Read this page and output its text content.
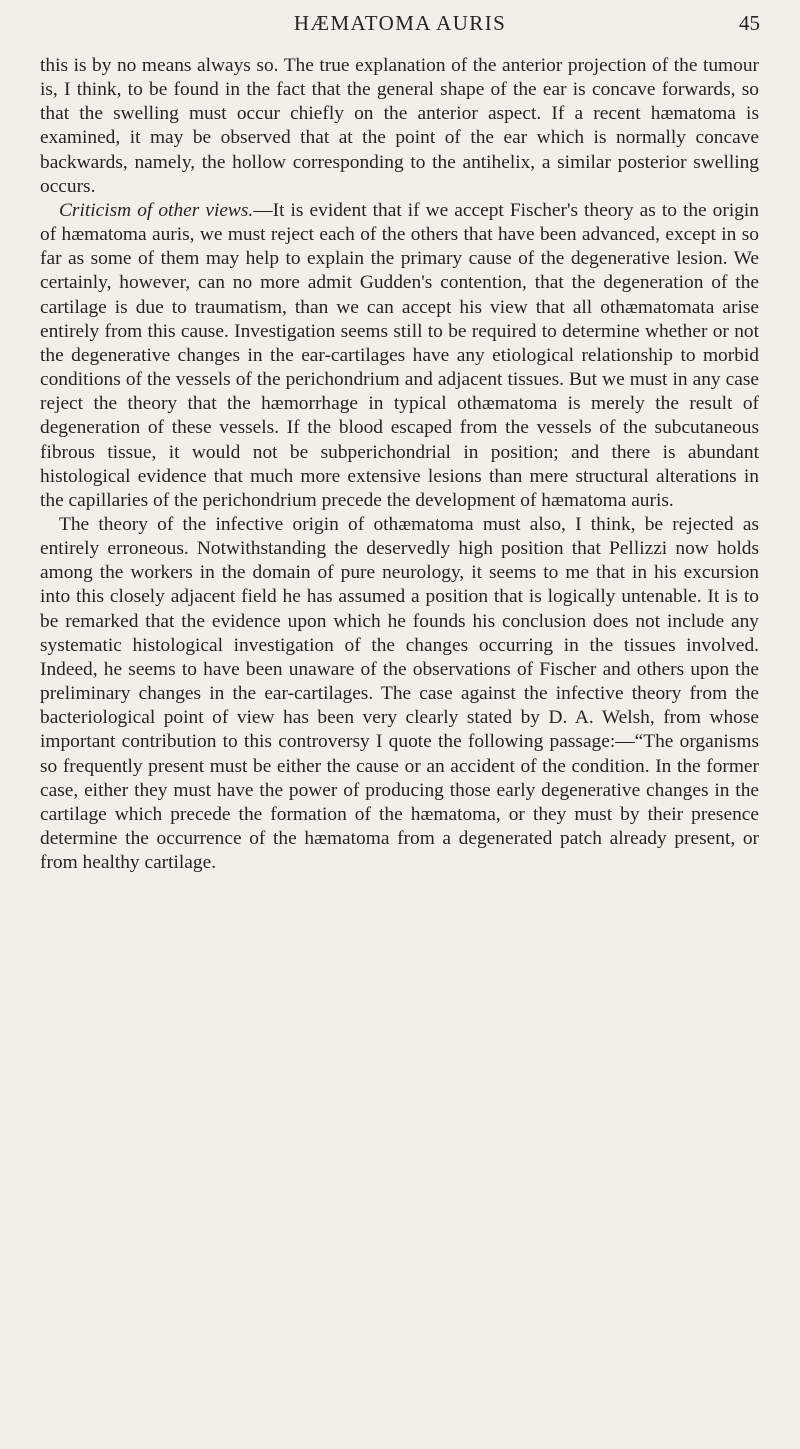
HÆMATOMA AURIS	45

this is by no means always so. The true explanation of the anterior projection of the tumour is, I think, to be found in the fact that the general shape of the ear is concave forwards, so that the swelling must occur chiefly on the anterior aspect. If a recent hæmatoma is examined, it may be observed that at the point of the ear which is normally concave backwards, namely, the hollow corresponding to the antihelix, a similar posterior swelling occurs.

Criticism of other views.—It is evident that if we accept Fischer's theory as to the origin of hæmatoma auris, we must reject each of the others that have been advanced, except in so far as some of them may help to explain the primary cause of the degenerative lesion. We certainly, however, can no more admit Gudden's contention, that the degeneration of the cartilage is due to traumatism, than we can accept his view that all othæmatomata arise entirely from this cause. Investigation seems still to be required to determine whether or not the degenerative changes in the ear-cartilages have any etiological relationship to morbid conditions of the vessels of the perichondrium and adjacent tissues. But we must in any case reject the theory that the hæmorrhage in typical othæmatoma is merely the result of degeneration of these vessels. If the blood escaped from the vessels of the subcutaneous fibrous tissue, it would not be subperichondrial in position; and there is abundant histological evidence that much more extensive lesions than mere structural alterations in the capillaries of the perichondrium precede the development of hæmatoma auris.

The theory of the infective origin of othæmatoma must also, I think, be rejected as entirely erroneous. Notwithstanding the deservedly high position that Pellizzi now holds among the workers in the domain of pure neurology, it seems to me that in his excursion into this closely adjacent field he has assumed a position that is logically untenable. It is to be remarked that the evidence upon which he founds his conclusion does not include any systematic histological investigation of the changes occurring in the tissues involved. Indeed, he seems to have been unaware of the observations of Fischer and others upon the preliminary changes in the ear-cartilages. The case against the infective theory from the bacteriological point of view has been very clearly stated by D. A. Welsh, from whose important contribution to this controversy I quote the following passage:—“The organisms so frequently present must be either the cause or an accident of the condition. In the former case, either they must have the power of producing those early degenerative changes in the cartilage which precede the formation of the hæmatoma, or they must by their presence determine the occurrence of the hæmatoma from a degenerated patch already present, or from healthy cartilage.
